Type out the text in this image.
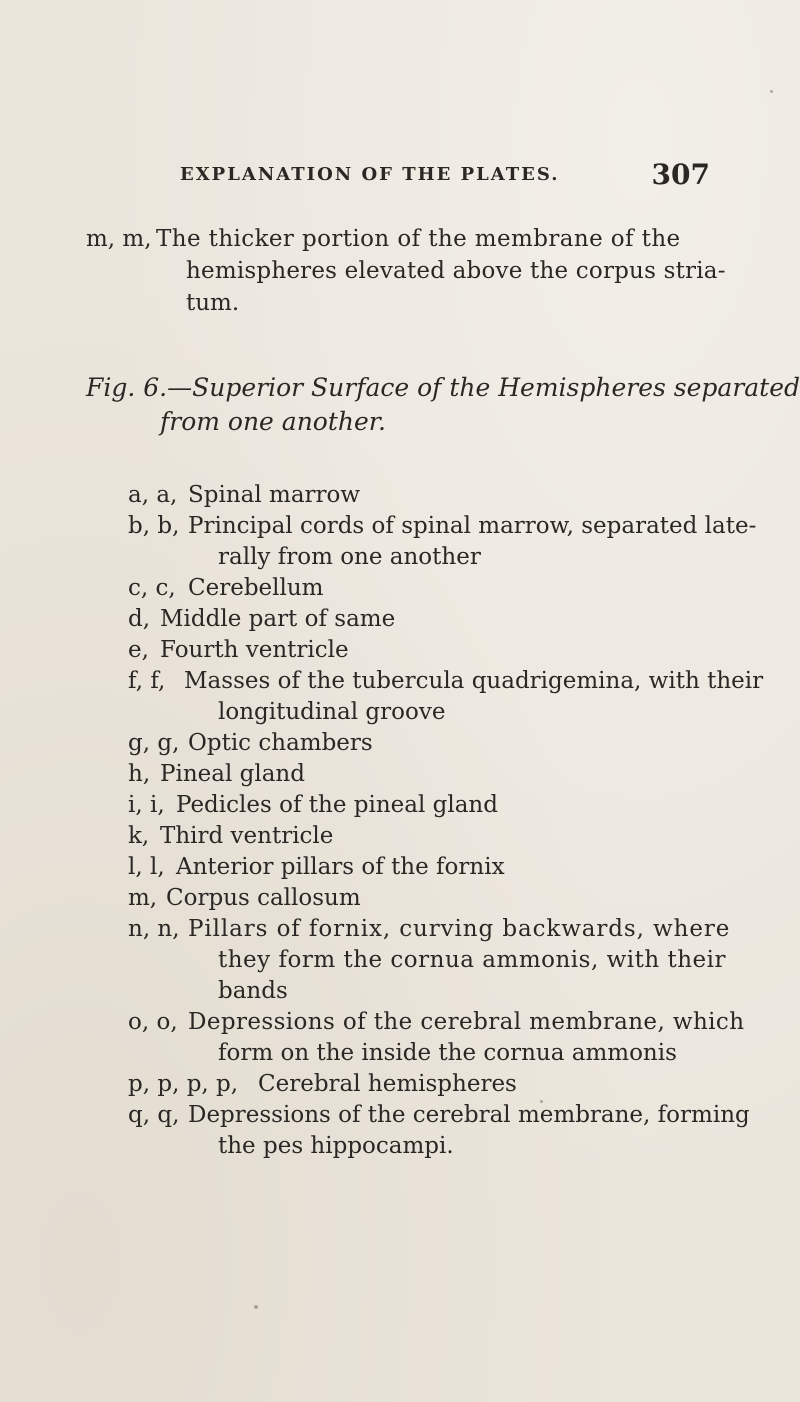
EXPLANATION OF THE PLATES.	307
m, m, The thicker portion of the membrane of the
hemispheres elevated above the corpus stria-
tum.
Fig. 6.—Superior Surface of the Hemispheres separated
from one another.
a, a, Spinal marrow
b, b, Principal cords of spinal marrow, separated late-
rally from one another
c, c, Cerebellum
d, Middle part of same
e, Fourth ventricle
f, f, Masses of the tubercula quadrigemina, with their
longitudinal groove
g, g, Optic chambers
h, Pineal gland
i, i, Pedicles of the pineal gland
k, Third ventricle
l, l, Anterior pillars of the fornix
m, Corpus callosum
n, n, Pillars of fornix, curving backwards, where
they form the cornua ammonis, with their
bands
o, o, Depressions of the cerebral membrane, which
form on the inside the cornua ammonis
p, p, p, p, Cerebral hemispheres
q, q, Depressions of the cerebral membrane, forming
the pes hippocampi.
